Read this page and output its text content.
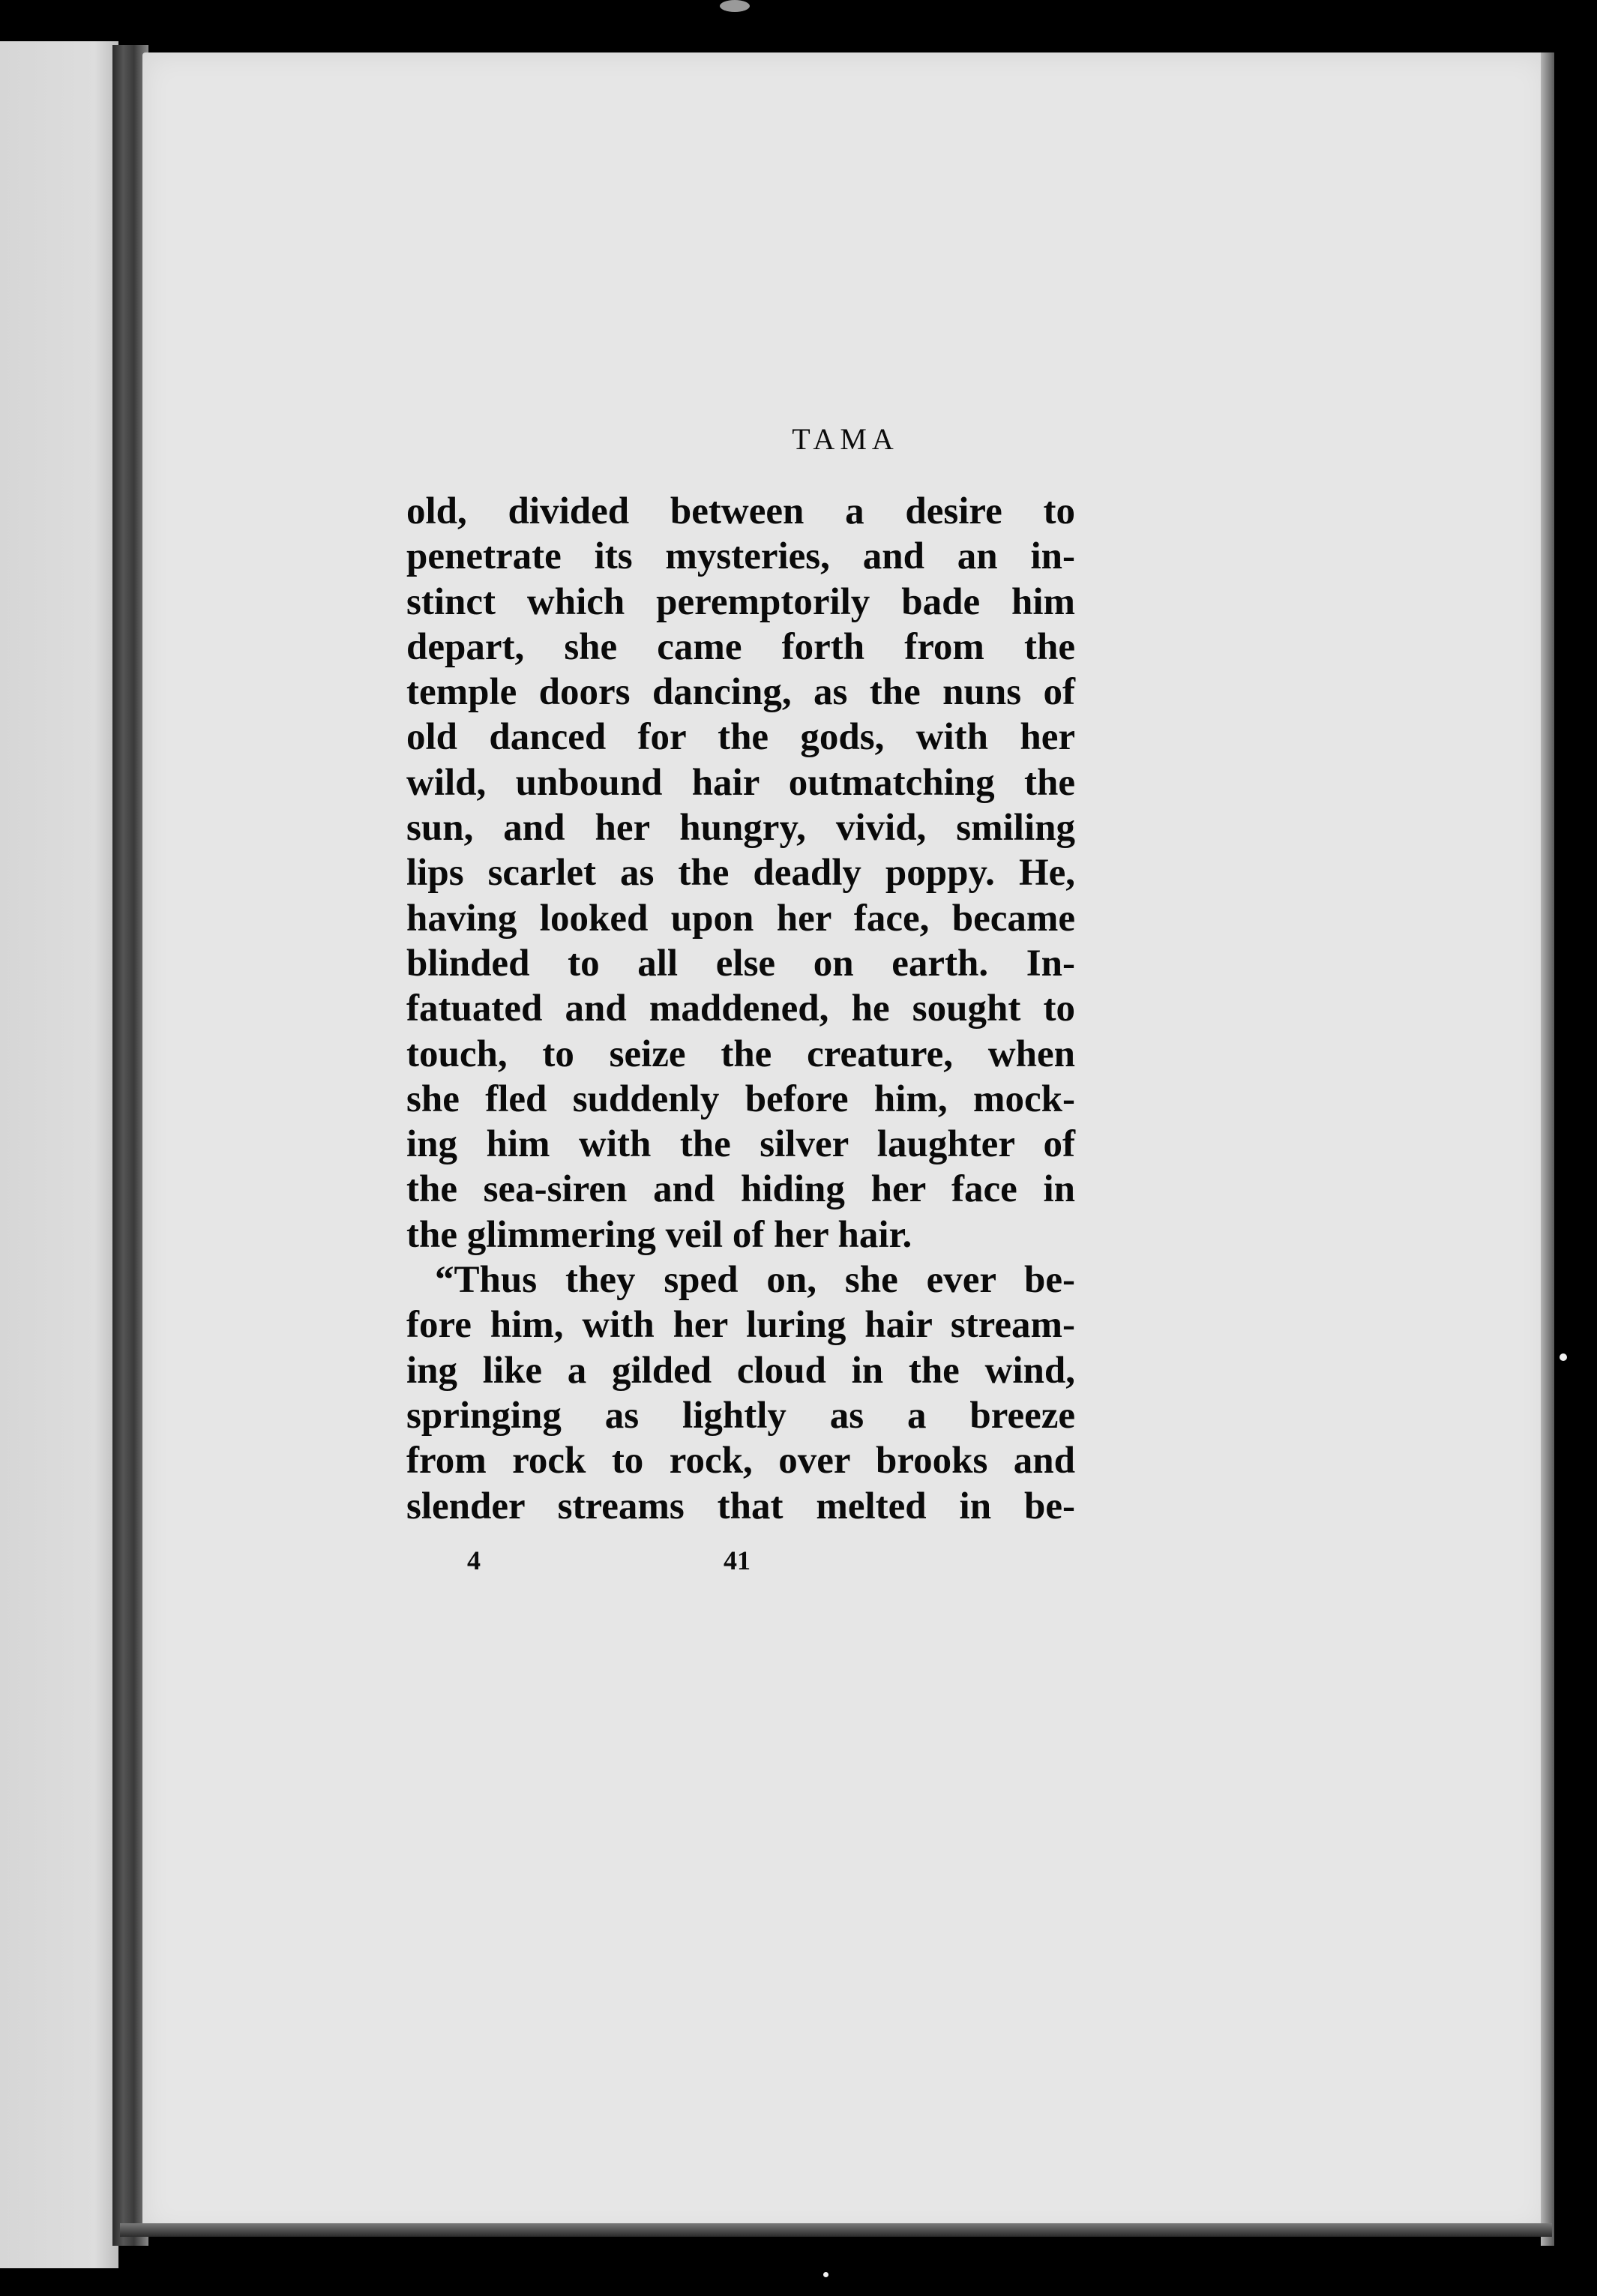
TAMA
old, divided between a desire to
penetrate its mysteries, and an in-
stinct which peremptorily bade him
depart, she came forth from the
temple doors dancing, as the nuns of
old danced for the gods, with her
wild, unbound hair outmatching the
sun, and her hungry, vivid, smiling
lips scarlet as the deadly poppy. He,
having looked upon her face, became
blinded to all else on earth. In-
fatuated and maddened, he sought to
touch, to seize the creature, when
she fled suddenly before him, mock-
ing him with the silver laughter of
the sea-siren and hiding her face in
the glimmering veil of her hair.
“Thus they sped on, she ever be-
fore him, with her luring hair stream-
ing like a gilded cloud in the wind,
springing as lightly as a breeze
from rock to rock, over brooks and
slender streams that melted in be-
4	41
